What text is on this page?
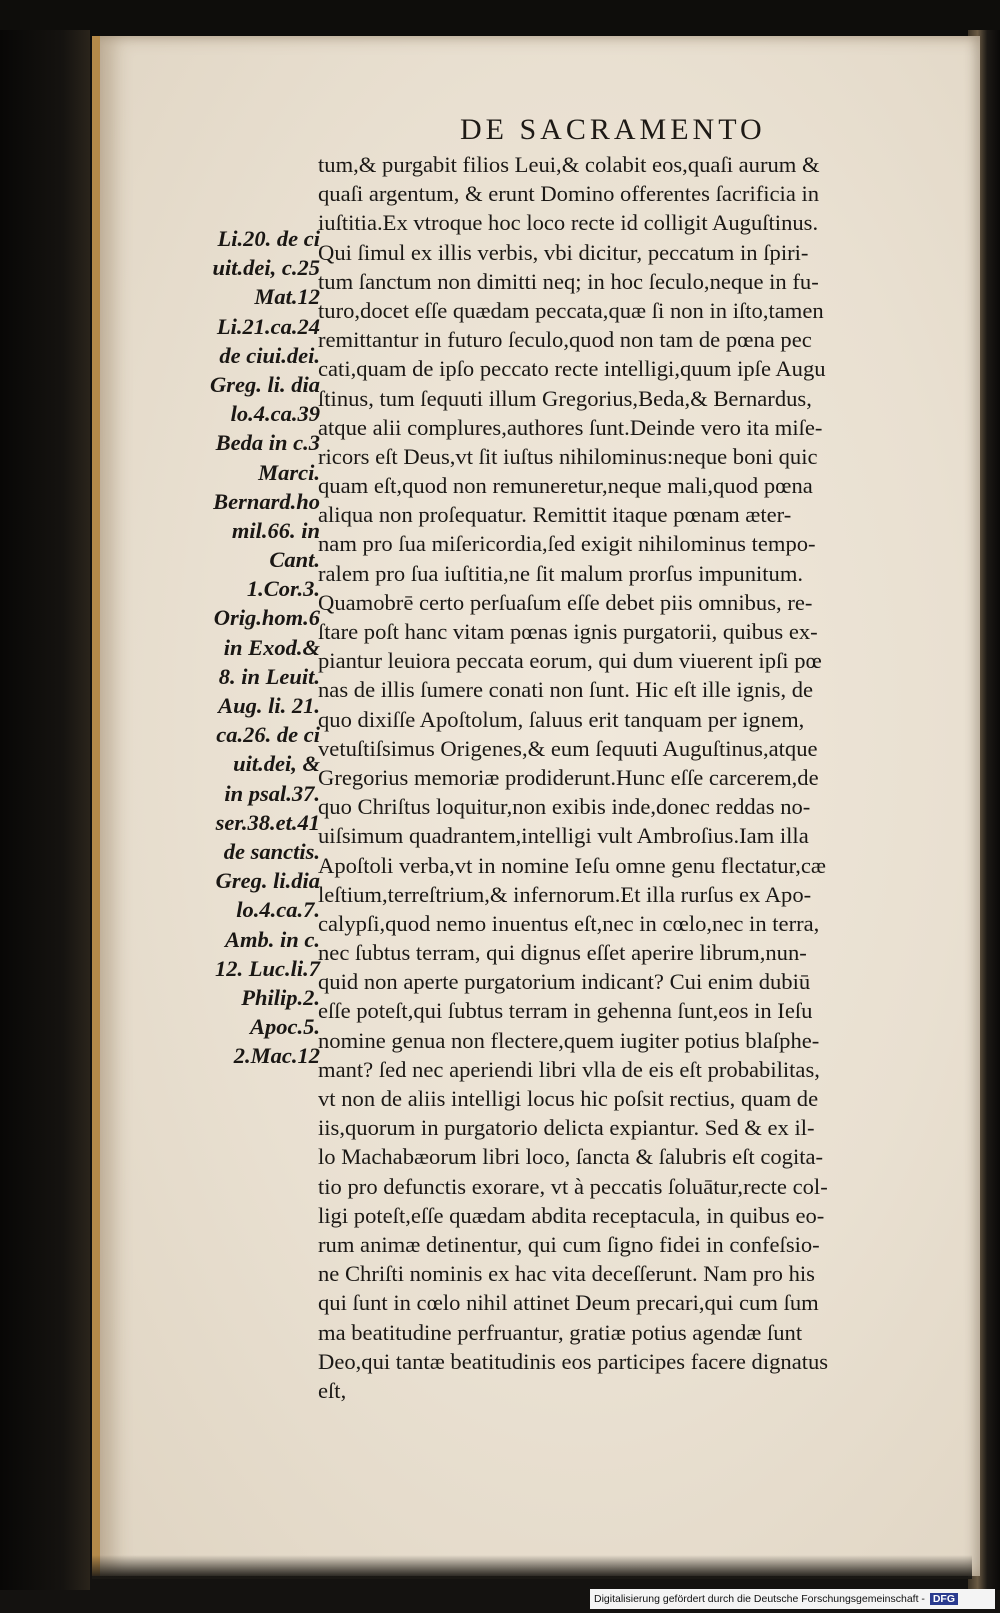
DE SACRAMENTO
Li.20. de ci
uit.dei, c.25
Mat.12
Li.21.ca.24
de ciui.dei.
Greg. li. dia
lo.4.ca.39
Beda in c.3
Marci.
Bernard.ho
mil.66. in
Cant.
1.Cor.3.
Orig.hom.6
in Exod.&
8. in Leuit.
Aug. li. 21.
ca.26. de ci
uit.dei, &
in psal.37.
ser.38.et.41
de sanctis.
Greg. li.dia
lo.4.ca.7.
Amb. in c.
12. Luc.li.7
Philip.2.
Apoc.5.
2.Mac.12
tum,& purgabit filios Leui,& colabit eos,quaſi aurum &
quaſi argentum, & erunt Domino offerentes ſacrificia in
iuſtitia.Ex vtroque hoc loco recte id colligit Auguſtinus.
Qui ſimul ex illis verbis, vbi dicitur, peccatum in ſpiri-
tum ſanctum non dimitti neq; in hoc ſeculo,neque in fu-
turo,docet eſſe quædam peccata,quæ ſi non in iſto,tamen
remittantur in futuro ſeculo,quod non tam de pœna pec
cati,quam de ipſo peccato recte intelligi,quum ipſe Augu
ſtinus, tum ſequuti illum Gregorius,Beda,& Bernardus,
atque alii complures,authores ſunt.Deinde vero ita miſe-
ricors eſt Deus,vt ſit iuſtus nihilominus:neque boni quic
quam eſt,quod non remuneretur,neque mali,quod pœna
aliqua non proſequatur. Remittit itaque pœnam æter-
nam pro ſua miſericordia,ſed exigit nihilominus tempo-
ralem pro ſua iuſtitia,ne ſit malum prorſus impunitum.
Quamobrē certo perſuaſum eſſe debet piis omnibus, re-
ſtare poſt hanc vitam pœnas ignis purgatorii, quibus ex-
piantur leuiora peccata eorum, qui dum viuerent ipſi pœ
nas de illis ſumere conati non ſunt. Hic eſt ille ignis, de
quo dixiſſe Apoſtolum, ſaluus erit tanquam per ignem,
vetuſtiſsimus Origenes,& eum ſequuti Auguſtinus,atque
Gregorius memoriæ prodiderunt.Hunc eſſe carcerem,de
quo Chriſtus loquitur,non exibis inde,donec reddas no-
uiſsimum quadrantem,intelligi vult Ambroſius.Iam illa
Apoſtoli verba,vt in nomine Ieſu omne genu flectatur,cæ
leſtium,terreſtrium,& infernorum.Et illa rurſus ex Apo-
calypſi,quod nemo inuentus eſt,nec in cœlo,nec in terra,
nec ſubtus terram, qui dignus eſſet aperire librum,nun-
quid non aperte purgatorium indicant? Cui enim dubiū
eſſe poteſt,qui ſubtus terram in gehenna ſunt,eos in Ieſu
nomine genua non flectere,quem iugiter potius blaſphe-
mant? ſed nec aperiendi libri vlla de eis eſt probabilitas,
vt non de aliis intelligi locus hic poſsit rectius, quam de
iis,quorum in purgatorio delicta expiantur. Sed & ex il-
lo Machabæorum libri loco, ſancta & ſalubris eſt cogita-
tio pro defunctis exorare, vt à peccatis ſoluātur,recte col-
ligi poteſt,eſſe quædam abdita receptacula, in quibus eo-
rum animæ detinentur, qui cum ſigno fidei in confeſsio-
ne Chriſti nominis ex hac vita deceſſerunt. Nam pro his
qui ſunt in cœlo nihil attinet Deum precari,qui cum ſum
ma beatitudine perfruantur, gratiæ potius agendæ ſunt
Deo,qui tantæ beatitudinis eos participes facere dignatus
eſt,
Digitalisierung gefördert durch die Deutsche Forschungsgemeinschaft - DFG
